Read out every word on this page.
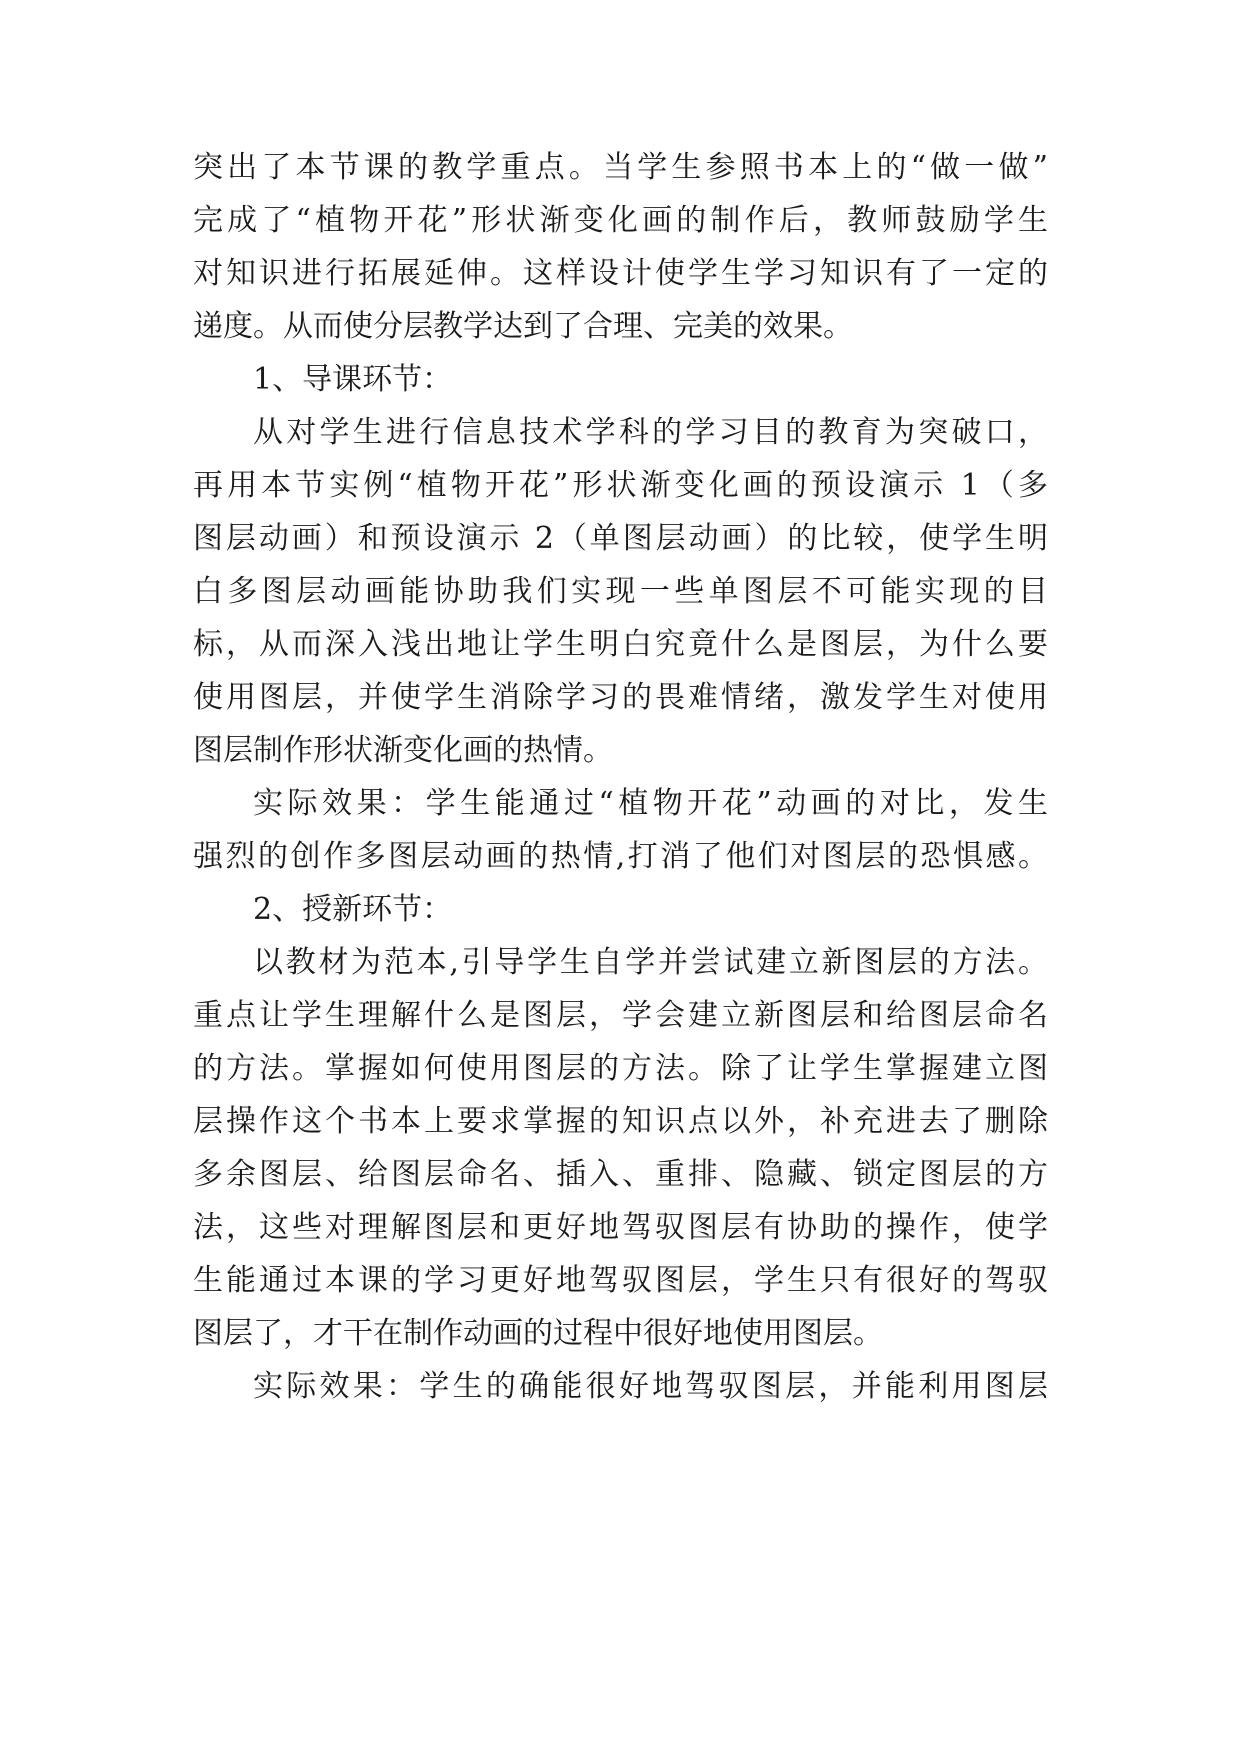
突出了本节课的教学重点。当学生参照书本上的“做一做”
完成了“植物开花”形状渐变化画的制作后，教师鼓励学生
对知识进行拓展延伸。这样设计使学生学习知识有了一定的
递度。从而使分层教学达到了合理、完美的效果。
1、导课环节：
从对学生进行信息技术学科的学习目的教育为突破口，
再用本节实例“植物开花”形状渐变化画的预设演示 1（多
图层动画）和预设演示 2（单图层动画）的比较，使学生明
白多图层动画能协助我们实现一些单图层不可能实现的目
标，从而深入浅出地让学生明白究竟什么是图层，为什么要
使用图层，并使学生消除学习的畏难情绪，激发学生对使用
图层制作形状渐变化画的热情。
实际效果：学生能通过“植物开花”动画的对比，发生
强烈的创作多图层动画的热情,打消了他们对图层的恐惧感。
2、授新环节：
以教材为范本,引导学生自学并尝试建立新图层的方法。
重点让学生理解什么是图层，学会建立新图层和给图层命名
的方法。掌握如何使用图层的方法。除了让学生掌握建立图
层操作这个书本上要求掌握的知识点以外，补充进去了删除
多余图层、给图层命名、插入、重排、隐藏、锁定图层的方
法，这些对理解图层和更好地驾驭图层有协助的操作，使学
生能通过本课的学习更好地驾驭图层，学生只有很好的驾驭
图层了，才干在制作动画的过程中很好地使用图层。
实际效果：学生的确能很好地驾驭图层，并能利用图层
